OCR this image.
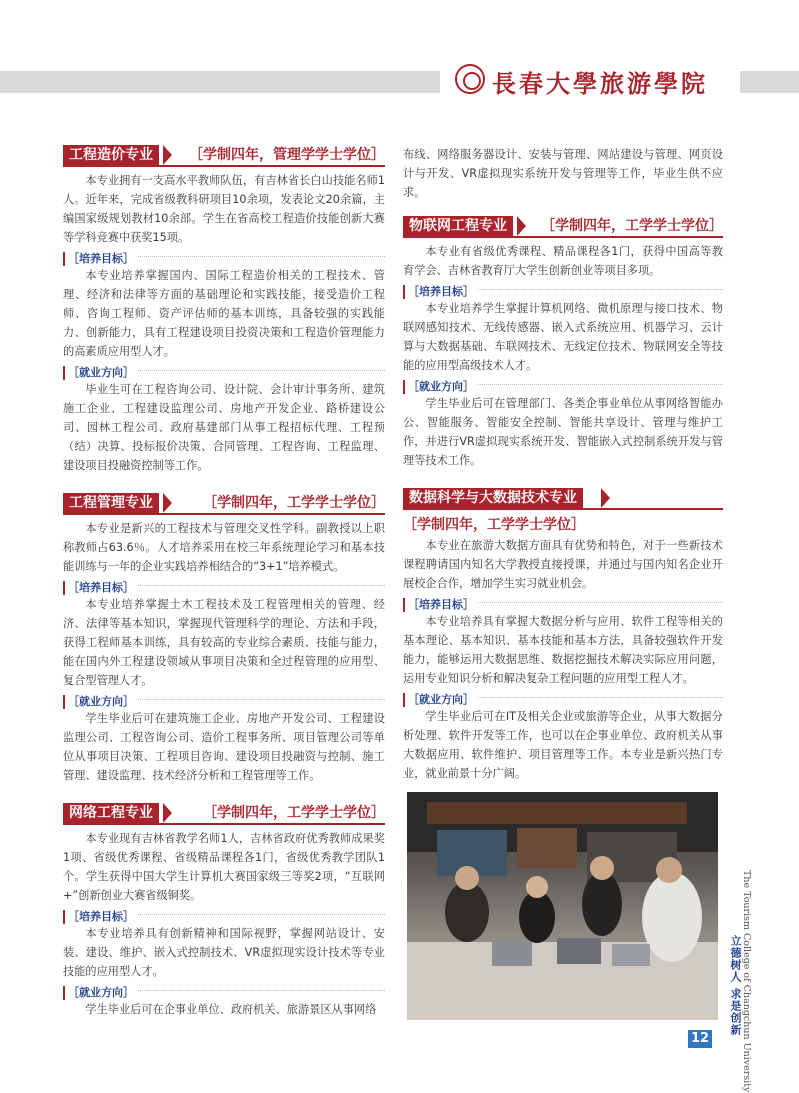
長春大學旅游學院
工程造价专业	［学制四年，管理学学士学位］

本专业拥有一支高水平教师队伍，有吉林省长白山技能名师1人。近年来，完成省级教科研项目10余项，发表论文20余篇，主编国家级规划教材10余部。学生在省高校工程造价技能创新大赛等学科竞赛中获奖15项。

［培养目标］

本专业培养掌握国内、国际工程造价相关的工程技术、管理、经济和法律等方面的基础理论和实践技能，接受造价工程师、咨询工程师、资产评估师的基本训练，具备较强的实践能力、创新能力，具有工程建设项目投资决策和工程造价管理能力的高素质应用型人才。

［就业方向］

毕业生可在工程咨询公司、设计院、会计审计事务所、建筑施工企业、工程建设监理公司、房地产开发企业、路桥建设公司、园林工程公司、政府基建部门从事工程招标代理、工程预（结）决算、投标报价决策、合同管理、工程咨询、工程监理、建设项目投融资控制等工作。

工程管理专业	［学制四年，工学学士学位］

本专业是新兴的工程技术与管理交叉性学科。副教授以上职称教师占63.6％。人才培养采用在校三年系统理论学习和基本技能训练与一年的企业实践培养相结合的“3+1”培养模式。

［培养目标］

本专业培养掌握土木工程技术及工程管理相关的管理、经济、法律等基本知识，掌握现代管理科学的理论、方法和手段，获得工程师基本训练，具有较高的专业综合素质、技能与能力，能在国内外工程建设领域从事项目决策和全过程管理的应用型、复合型管理人才。

［就业方向］

学生毕业后可在建筑施工企业、房地产开发公司、工程建设监理公司、工程咨询公司、造价工程事务所、项目管理公司等单位从事项目决策、工程项目咨询、建设项目投融资与控制、施工管理、建设监理、技术经济分析和工程管理等工作。

网络工程专业	［学制四年，工学学士学位］

本专业现有吉林省教学名师1人，吉林省政府优秀教师成果奖1项、省级优秀课程、省级精品课程各1门，省级优秀教学团队1个。学生获得中国大学生计算机大赛国家级三等奖2项，“互联网+”创新创业大赛省级铜奖。

［培养目标］

本专业培养具有创新精神和国际视野，掌握网站设计、安装、建设、维护、嵌入式控制技术、VR虚拟现实设计技术等专业技能的应用型人才。

［就业方向］

学生毕业后可在企事业单位、政府机关、旅游景区从事网络

布线、网络服务器设计、安装与管理、网站建设与管理、网页设计与开发、VR虚拟现实系统开发与管理等工作，毕业生供不应求。

物联网工程专业	［学制四年，工学学士学位］

本专业有省级优秀课程、精品课程各1门，获得中国高等教育学会、吉林省教育厅大学生创新创业等项目多项。

［培养目标］

本专业培养学生掌握计算机网络、微机原理与接口技术、物联网感知技术、无线传感器、嵌入式系统应用、机器学习、云计算与大数据基础、车联网技术、无线定位技术、物联网安全等技能的应用型高级技术人才。

［就业方向］

学生毕业后可在管理部门、各类企事业单位从事网络智能办公、智能服务、智能安全控制、智能共享设计、管理与维护工作，并进行VR虚拟现实系统开发、智能嵌入式控制系统开发与管理等技术工作。

数据科学与大数据技术专业
［学制四年，工学学士学位］

本专业在旅游大数据方面具有优势和特色，对于一些新技术课程聘请国内知名大学教授直接授课，并通过与国内知名企业开展校企合作，增加学生实习就业机会。

［培养目标］

本专业培养具有掌握大数据分析与应用、软件工程等相关的基本理论、基本知识、基本技能和基本方法，具备较强软件开发能力，能够运用大数据思维、数据挖掘技术解决实际应用问题，运用专业知识分析和解决复杂工程问题的应用型工程人才。

［就业方向］

学生毕业后可在IT及相关企业或旅游等企业，从事大数据分析处理、软件开发等工作，也可以在企事业单位、政府机关从事大数据应用、软件维护、项目管理等工作。本专业是新兴热门专业，就业前景十分广阔。

The Tourism College of Changchun University
立德树人 求是创新
12
